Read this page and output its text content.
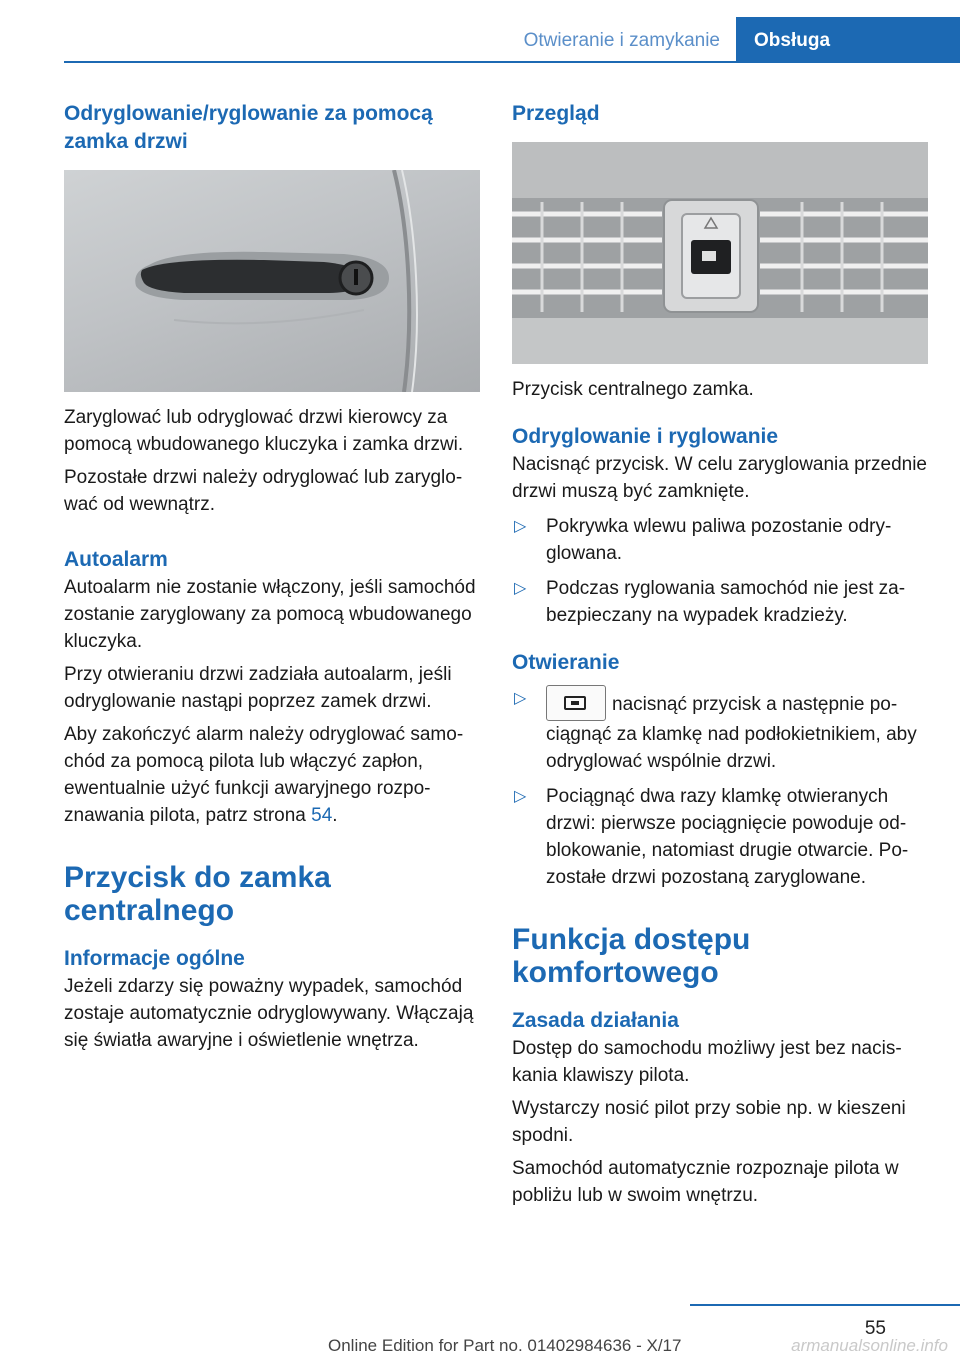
Otwieranie i zamykanie	Obsługa
Odryglowanie/ryglowanie za pomocą zamka drzwi

Zaryglować lub odryglować drzwi kierowcy za pomocą wbudowanego kluczyka i zamka drzwi.

Pozostałe drzwi należy odryglować lub zaryglować od wewnątrz.

Autoalarm

Autoalarm nie zostanie włączony, jeśli samochód zostanie zaryglowany za pomocą wbudowanego kluczyka.

Przy otwieraniu drzwi zadziała autoalarm, jeśli odryglowanie nastąpi poprzez zamek drzwi.

Aby zakończyć alarm należy odryglować samochód za pomocą pilota lub włączyć zapłon, ewentualnie użyć funkcji awaryjnego rozpoznawania pilota, patrz strona 54.

Przycisk do zamka centralnego
Informacje ogólne

Jeżeli zdarzy się poważny wypadek, samochód zostaje automatycznie odryglowywany. Włączają się światła awaryjne i oświetlenie wnętrza.

Przegląd

Przycisk centralnego zamka.

Odryglowanie i ryglowanie

Nacisnąć przycisk. W celu zaryglowania przednie drzwi muszą być zamknięte.

▷ Pokrywka wlewu paliwa pozostanie odryglowana.
▷ Podczas ryglowania samochód nie jest zabezpieczany na wypadek kradzieży.
Otwieranie
▷	nacisnąć przycisk a następnie pociągnąć za klamkę nad podłokietnikiem, aby odryglować wspólnie drzwi.
▷ Pociągnąć dwa razy klamkę otwieranych drzwi: pierwsze pociągnięcie powoduje odblokowanie, natomiast drugie otwarcie. Pozostałe drzwi pozostaną zaryglowane.
Funkcja dostępu komfortowego
Zasada działania

Dostęp do samochodu możliwy jest bez naciskania klawiszy pilota.

Wystarczy nosić pilot przy sobie np. w kieszeni spodni.

Samochód automatycznie rozpoznaje pilota w pobliżu lub w swoim wnętrzu.

55
Online Edition for Part no. 01402984636 - X/17	armanualsonline.info
